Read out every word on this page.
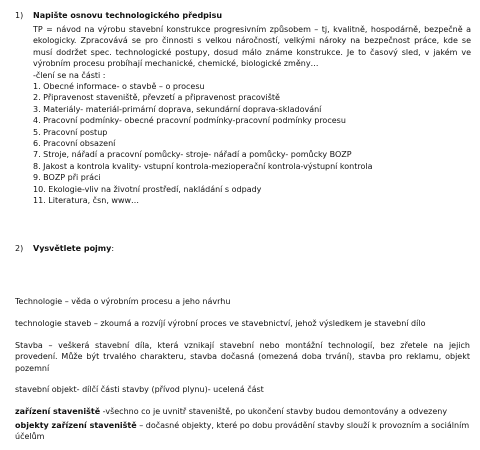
1) Napište osnovu technologického předpisu
TP = návod na výrobu stavební konstrukce progresivním způsobem – tj, kvalitně, hospodárně, bezpečně a
ekologicky. Zpracovává se pro činnosti s velkou náročností, velkými nároky na bezpečnost práce, kde se
musí dodržet spec. technologické postupy, dosud málo známe konstrukce. Je to časový sled, v jakém ve
výrobním procesu probíhají mechanické, chemické, biologické změny…
-člení se na části :
1. Obecné informace- o stavbě – o procesu
2. Připravenost staveniště, převzetí a připravenost pracoviště
3. Materiály- materiál-primární doprava, sekundární doprava-skladování
4. Pracovní podmínky- obecné pracovní podmínky-pracovní podmínky procesu
5. Pracovní postup
6. Pracovní obsazení
7. Stroje, nářadí a pracovní pomůcky- stroje- nářadí a pomůcky- pomůcky BOZP
8. Jakost a kontrola kvality- vstupní kontrola-mezioperační kontrola-výstupní kontrola
9. BOZP při práci
10. Ekologie-vliv na životní prostředí, nakládání s odpady
11. Literatura, čsn, www…
2) Vysvětlete pojmy:
Technologie – věda o výrobním procesu a jeho návrhu
technologie staveb – zkoumá a rozvíjí výrobní proces ve stavebnictví, jehož výsledkem je stavební dílo
Stavba – veškerá stavební díla, která vznikají stavební nebo montážní technologií, bez zřetele na jejich
provedení. Může být trvalého charakteru, stavba dočasná (omezená doba trvání), stavba pro reklamu, objekt
pozemní
stavební objekt- dílčí části stavby (přívod plynu)- ucelená část
zařízení staveniště -všechno co je uvnitř staveniště, po ukončení stavby budou demontovány a odvezeny
objekty zařízení staveniště – dočasné objekty, které po dobu provádění stavby slouží k provozním a sociálním
účelům
